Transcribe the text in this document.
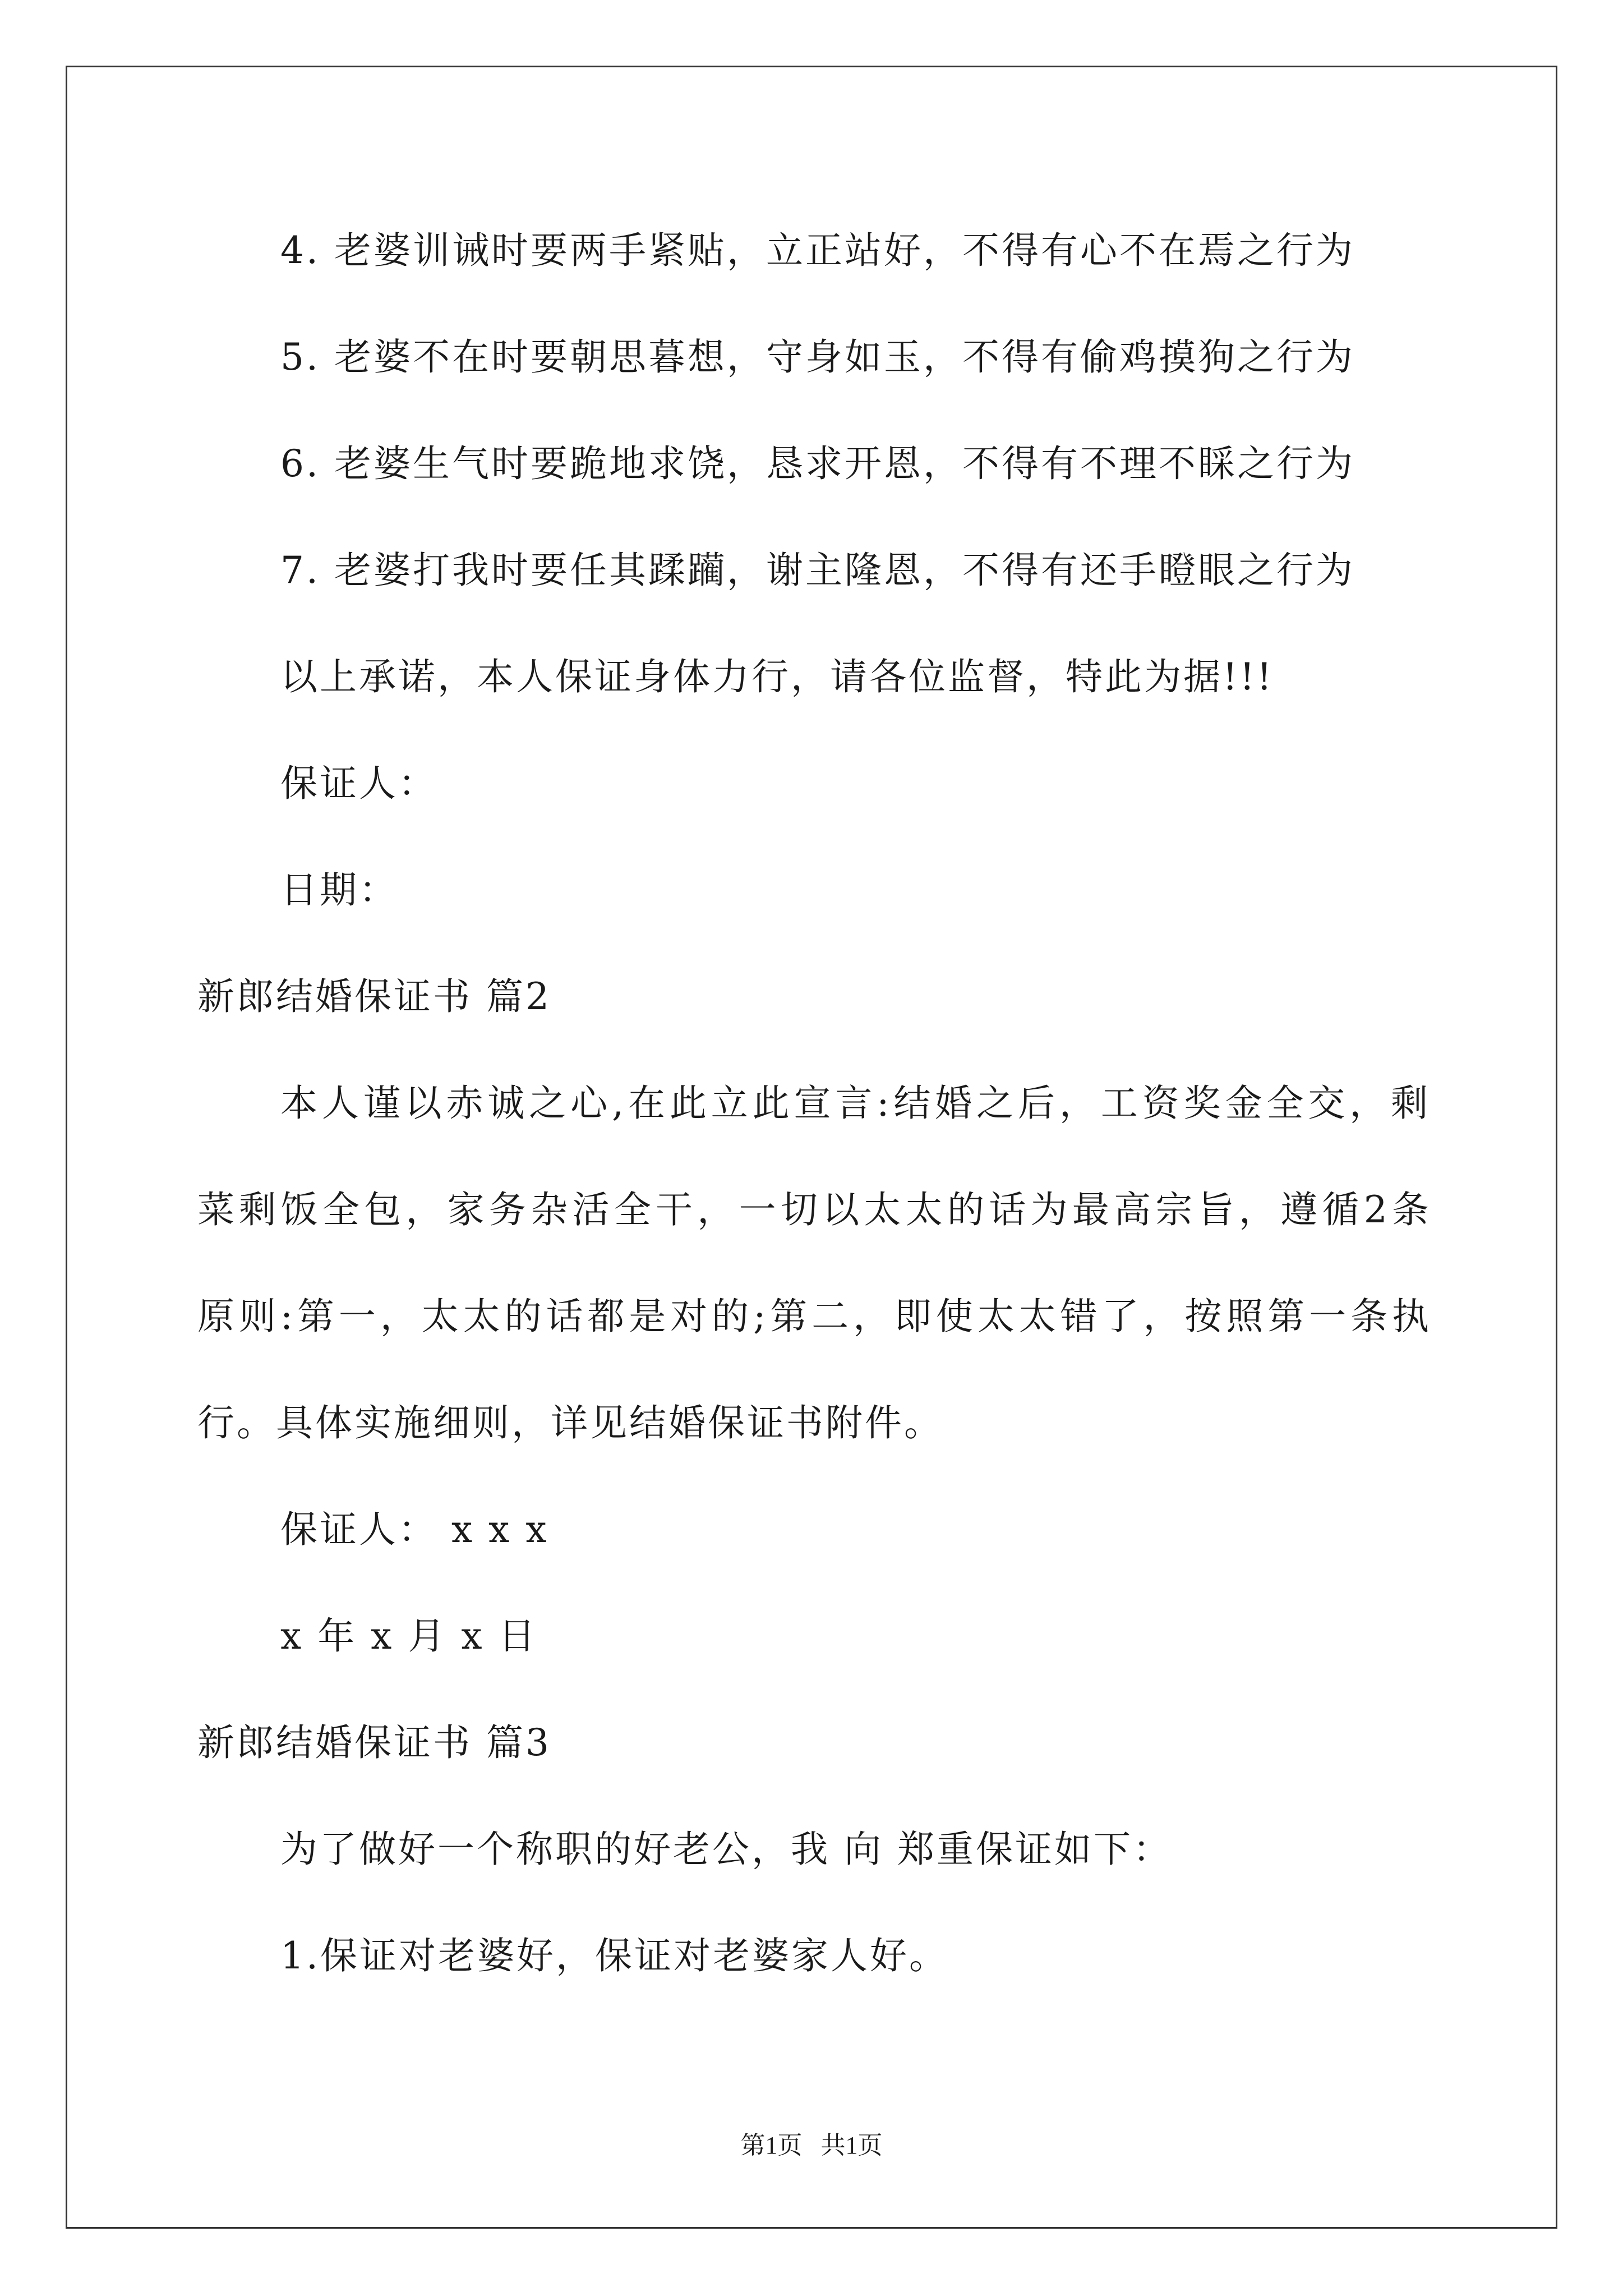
4. 老婆训诫时要两手紧贴，立正站好，不得有心不在焉之行为
5. 老婆不在时要朝思暮想，守身如玉，不得有偷鸡摸狗之行为
6. 老婆生气时要跪地求饶，恳求开恩，不得有不理不睬之行为
7. 老婆打我时要任其蹂躏，谢主隆恩，不得有还手瞪眼之行为
以上承诺，本人保证身体力行，请各位监督，特此为据!!!
保证人：
日期：
新郎结婚保证书 篇2
本人谨以赤诚之心,在此立此宣言:结婚之后，工资奖金全交，剩
菜剩饭全包，家务杂活全干，一切以太太的话为最高宗旨，遵循2条
原则:第一，太太的话都是对的;第二，即使太太错了，按照第一条执
行。具体实施细则，详见结婚保证书附件。
保证人： x x x
x 年 x 月 x 日
新郎结婚保证书 篇3
为了做好一个称职的好老公，我 向 郑重保证如下：
1.保证对老婆好，保证对老婆家人好。
第1页   共1页
